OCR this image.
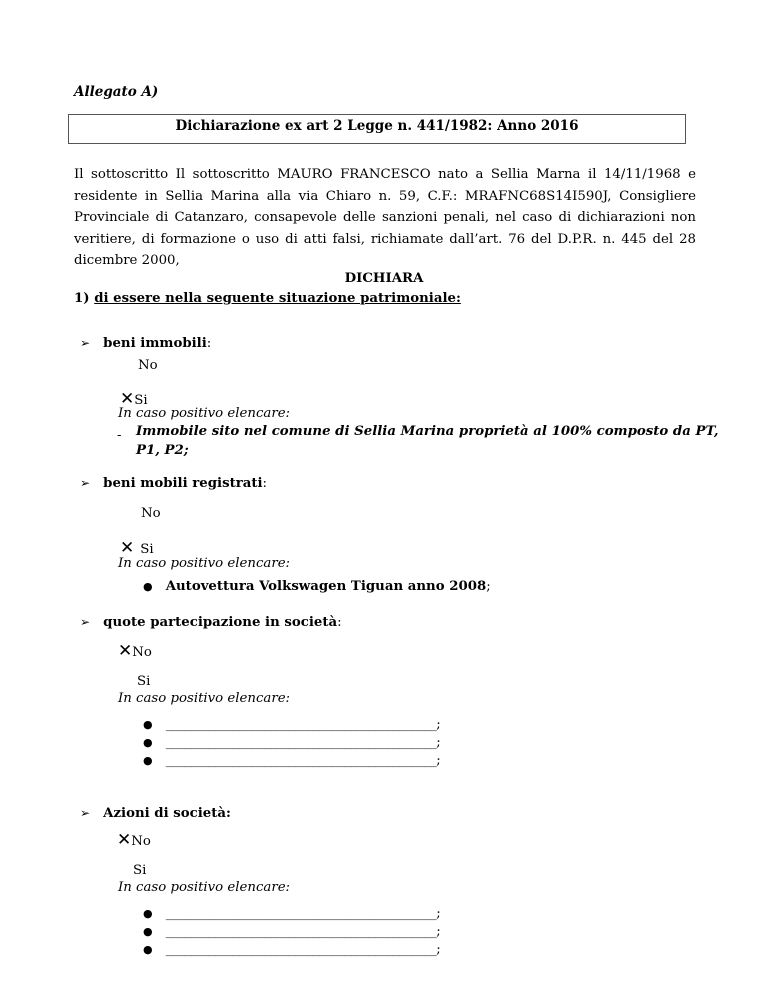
Allegato A)
Dichiarazione ex art 2 Legge n. 441/1982: Anno 2016
Il sottoscritto Il sottoscritto MAURO FRANCESCO nato a Sellia Marna il 14/11/1968 e residente in Sellia Marina alla via Chiaro n. 59, C.F.: MRAFNC68S14I590J, Consigliere Provinciale di Catanzaro, consapevole delle sanzioni penali, nel caso di dichiarazioni non veritiere, di formazione o uso di atti falsi, richiamate dall’art. 76 del D.P.R. n. 445 del 28 dicembre 2000,
DICHIARA
1) di essere nella seguente situazione patrimoniale:
➢ beni immobili:
No
✕Si
In caso positivo elencare:
- Immobile sito nel comune di Sellia Marina proprietà al 100% composto da PT,
P1, P2;
➢ beni mobili registrati:
No
✕ Si
In caso positivo elencare:
● Autovettura Volkswagen Tiguan anno 2008;
➢ quote partecipazione in società:
✕No
Si
In caso positivo elencare:
● ____________________________________________;
● ____________________________________________;
● ____________________________________________;
➢ Azioni di società:
✕No
Si
In caso positivo elencare:
● ____________________________________________;
● ____________________________________________;
● ____________________________________________;
